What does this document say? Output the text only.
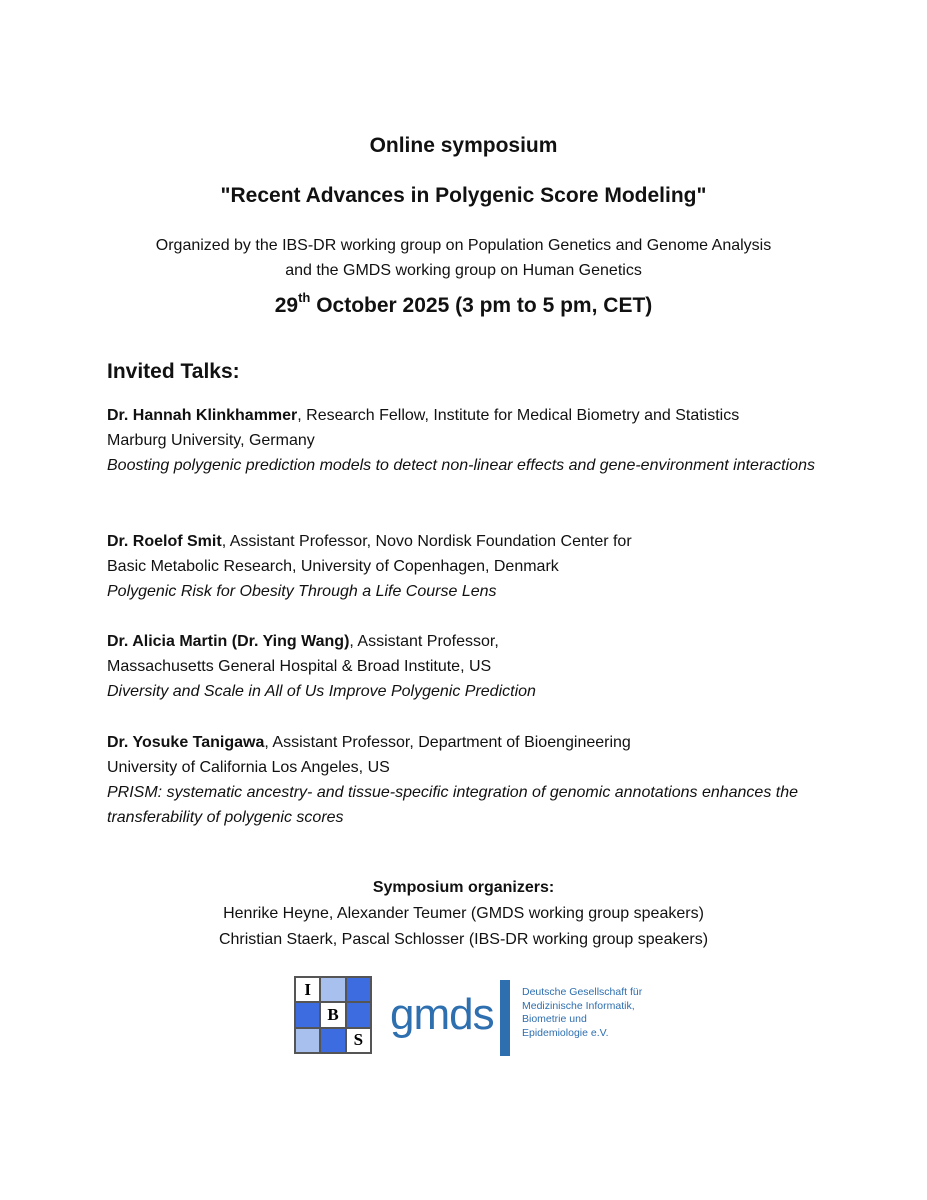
Online symposium
"Recent Advances in Polygenic Score Modeling"
Organized by the IBS-DR working group on Population Genetics and Genome Analysis
and the GMDS working group on Human Genetics
29th October 2025 (3 pm to 5 pm, CET)
Invited Talks:
Dr. Hannah Klinkhammer, Research Fellow, Institute for Medical Biometry and Statistics
Marburg University, Germany
Boosting polygenic prediction models to detect non-linear effects and gene-environment interactions
Dr. Roelof Smit, Assistant Professor, Novo Nordisk Foundation Center for
Basic Metabolic Research, University of Copenhagen, Denmark
Polygenic Risk for Obesity Through a Life Course Lens
Dr. Alicia Martin (Dr. Ying Wang), Assistant Professor,
Massachusetts General Hospital & Broad Institute, US
Diversity and Scale in All of Us Improve Polygenic Prediction
Dr. Yosuke Tanigawa, Assistant Professor, Department of Bioengineering
University of California Los Angeles, US
PRISM: systematic ancestry- and tissue-specific integration of genomic annotations enhances the transferability of polygenic scores
Symposium organizers:
Henrike Heyne, Alexander Teumer (GMDS working group speakers)
Christian Staerk, Pascal Schlosser (IBS-DR working group speakers)
I
B
S
gmds	Deutsche Gesellschaft für
Medizinische Informatik,
Biometrie und
Epidemiologie e.V.
